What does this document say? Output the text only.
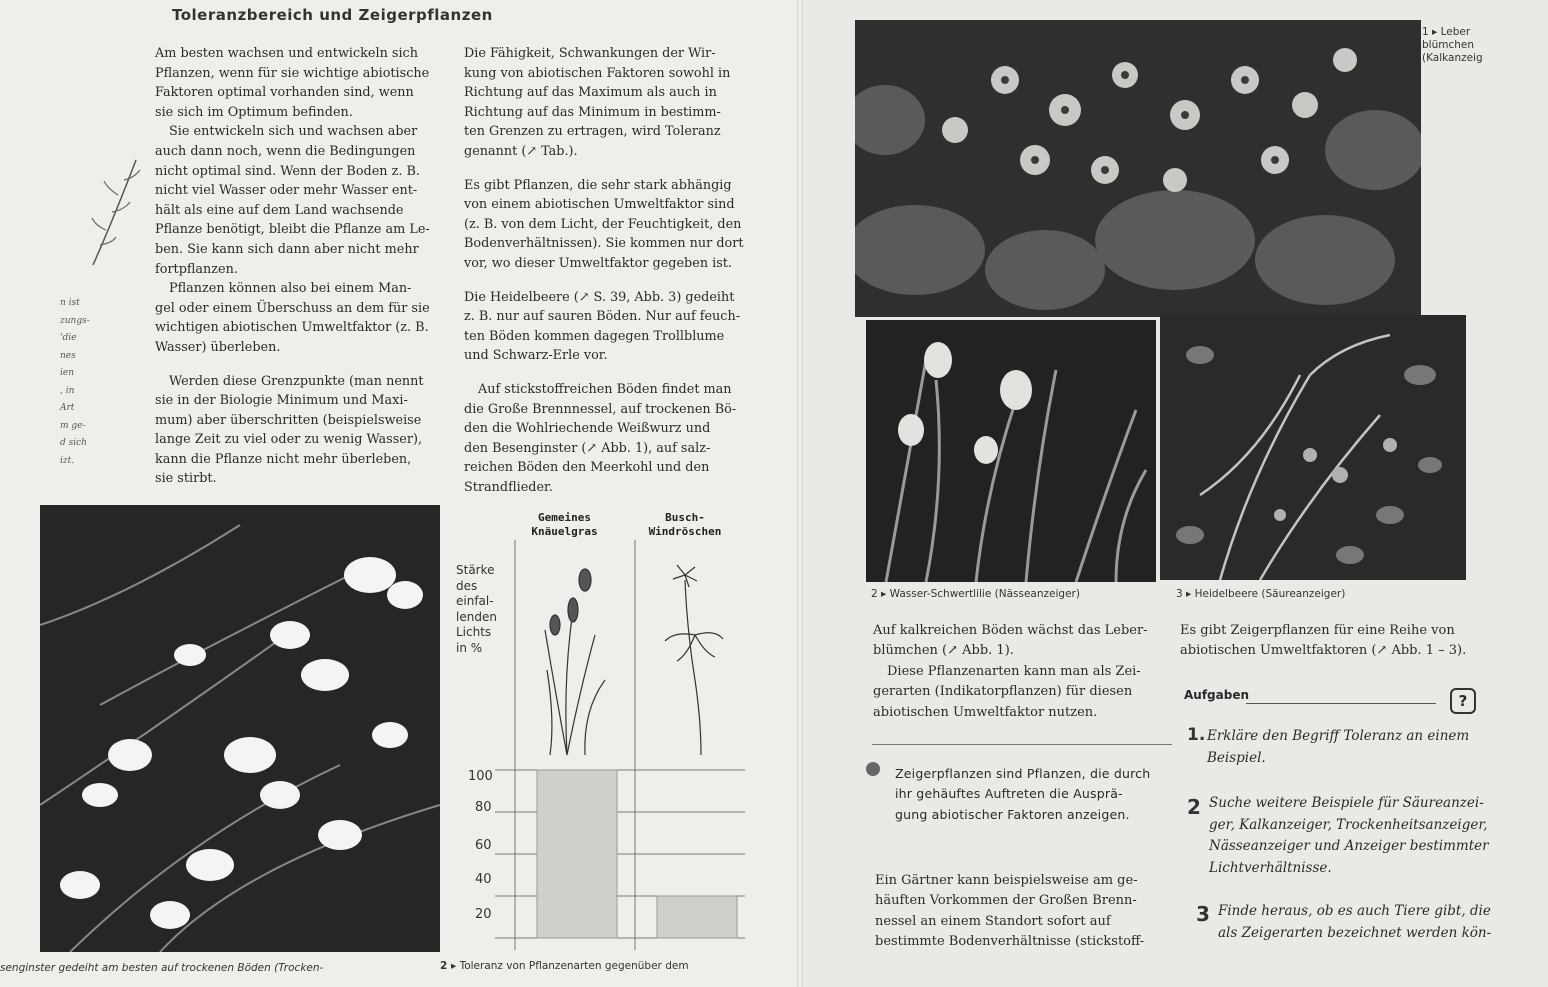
Toleranzbereich und Zeigerpflanzen
n ist
zungs-
'die
nes
ien
, in
Art
m ge-
d sich
izt.

Am besten wachsen und entwickeln sich

Pflanzen, wenn für sie wichtige abiotische

Faktoren optimal vorhanden sind, wenn

sie sich im Optimum befinden.

Sie entwickeln sich und wachsen aber

auch dann noch, wenn die Bedingungen

nicht optimal sind. Wenn der Boden z. B.

nicht viel Wasser oder mehr Wasser ent-

hält als eine auf dem Land wachsende

Pflanze benötigt, bleibt die Pflanze am Le-

ben. Sie kann sich dann aber nicht mehr

fortpflanzen.

Pflanzen können also bei einem Man-

gel oder einem Überschuss an dem für sie

wichtigen abiotischen Umweltfaktor (z. B.

Wasser) überleben.

Werden diese Grenzpunkte (man nennt

sie in der Biologie Minimum und Maxi-

mum) aber überschritten (beispielsweise

lange Zeit zu viel oder zu wenig Wasser),

kann die Pflanze nicht mehr überleben,

sie stirbt.

Die Fähigkeit, Schwankungen der Wir-

kung von abiotischen Faktoren sowohl in

Richtung auf das Maximum als auch in

Richtung auf das Minimum in bestimm-

ten Grenzen zu ertragen, wird Toleranz

genannt (↗ Tab.).

Es gibt Pflanzen, die sehr stark abhängig

von einem abiotischen Umweltfaktor sind

(z. B. von dem Licht, der Feuchtigkeit, den

Bodenverhältnissen). Sie kommen nur dort

vor, wo dieser Umweltfaktor gegeben ist.

Die Heidelbeere (↗ S. 39, Abb. 3) gedeiht

z. B. nur auf sauren Böden. Nur auf feuch-

ten Böden kommen dagegen Trollblume

und Schwarz-Erle vor.

Auf stickstoffreichen Böden findet man

die Große Brennnessel, auf trockenen Bö-

den die Wohlriechende Weißwurz und

den Besenginster (↗ Abb. 1), auf salz-

reichen Böden den Meerkohl und den

Strandflieder.

senginster gedeiht am besten auf trockenen Böden (Trocken-
Gemeines Knäuelgras
Busch-Windröschen
Stärke
des
einfal-
lenden
Lichts
in %
100
80
60
40
20
2 ▸ Toleranz von Pflanzenarten gegenüber dem
1 ▸ Leber
blümchen
(Kalkanzeig
2 ▸ Wasser-Schwertlilie (Nässeanzeiger)	3 ▸ Heidelbeere (Säureanzeiger)

Auf kalkreichen Böden wächst das Leber-

blümchen (↗ Abb. 1).

Diese Pflanzenarten kann man als Zei-

gerarten (Indikatorpflanzen) für diesen

abiotischen Umweltfaktor nutzen.

Zeigerpflanzen sind Pflanzen, die durch

ihr gehäuftes Auftreten die Ausprä-

gung abiotischer Faktoren anzeigen.

Ein Gärtner kann beispielsweise am ge-

häuften Vorkommen der Großen Brenn-

nessel an einem Standort sofort auf

bestimmte Bodenverhältnisse (stickstoff-

Es gibt Zeigerpflanzen für eine Reihe von

abiotischen Umweltfaktoren (↗ Abb. 1 – 3).

Aufgaben	?
1. Erkläre den Begriff Toleranz an einem
Beispiel.
2 Suche weitere Beispiele für Säureanzei-
ger, Kalkanzeiger, Trockenheitsanzeiger,
Nässeanzeiger und Anzeiger bestimmter
Lichtverhältnisse.
3 Finde heraus, ob es auch Tiere gibt, die
als Zeigerarten bezeichnet werden kön-
